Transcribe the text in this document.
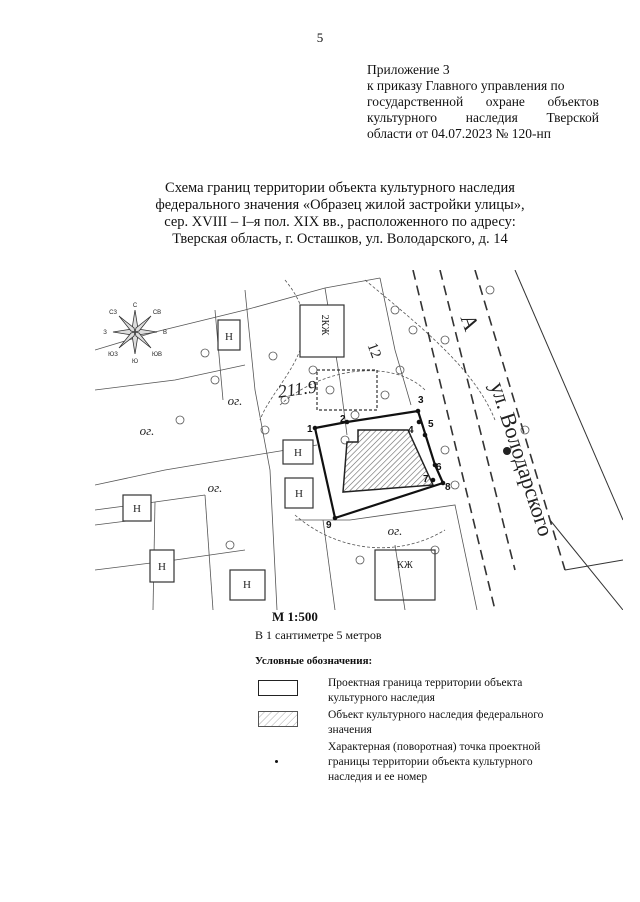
5
Приложение 3
к приказу Главного управления по
государственной охране объектов
культурного наследия Тверской
области от 04.07.2023 № 120-нп
Схема границ территории объекта культурного наследия
федерального значения «Образец жилой застройки улицы»,
сер. XVIII – I–я пол. XIX вв., расположенного по адресу:
Тверская область, г. Осташков, ул. Володарского, д. 14
Н
Н
Н
Н
Н
Н
2КЖ
12
КЖ
211.9
ог.
ог.
ог.
ог.
А
ул. Володарского
1
2
3
4
5
6
7
8
9
С
СВ
В
ЮВ
Ю
ЮЗ
З
СЗ
М 1:500
В 1 сантиметре 5 метров
Условные обозначения:
Проектная граница территории объекта
культурного наследия
Объект культурного наследия федерального
значения
Характерная (поворотная) точка проектной
границы территории объекта культурного
наследия и ее номер
